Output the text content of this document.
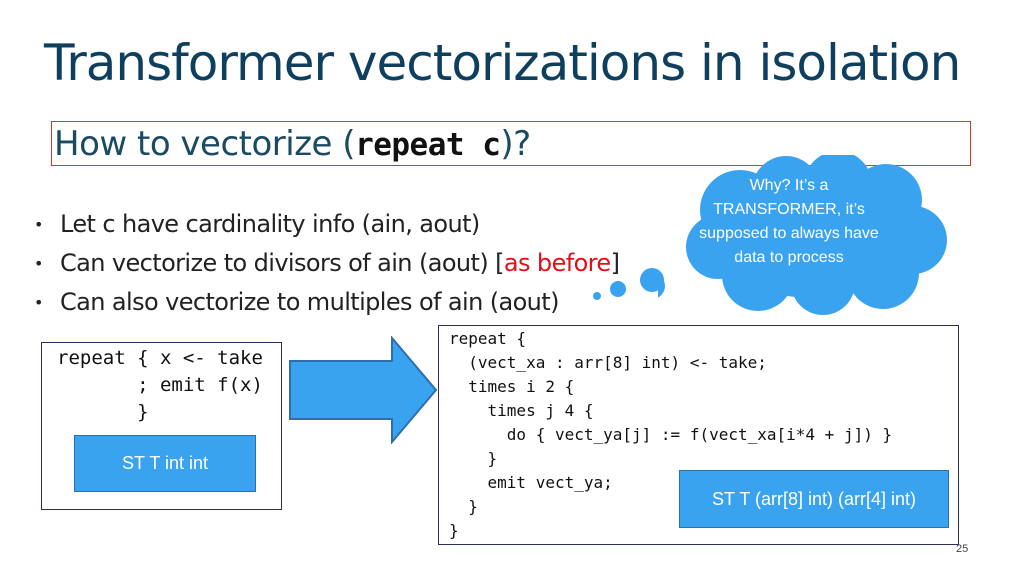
Transformer vectorizations in isolation
How to vectorize (repeat c)?
• Let c have cardinality info (ain, aout)
• Can vectorize to divisors of ain (aout) [as before]
• Can also vectorize to multiples of ain (aout)
repeat { x <- take
; emit f(x)
}
ST T int int
repeat {
(vect_xa : arr[8] int) <- take;
times i 2 {
times j 4 {
do { vect_ya[j] := f(vect_xa[i*4 + j]) }
}
emit vect_ya;
}
}
ST T (arr[8] int) (arr[4] int)
Why? It’s a TRANSFORMER, it’s supposed to always have data to process
25
